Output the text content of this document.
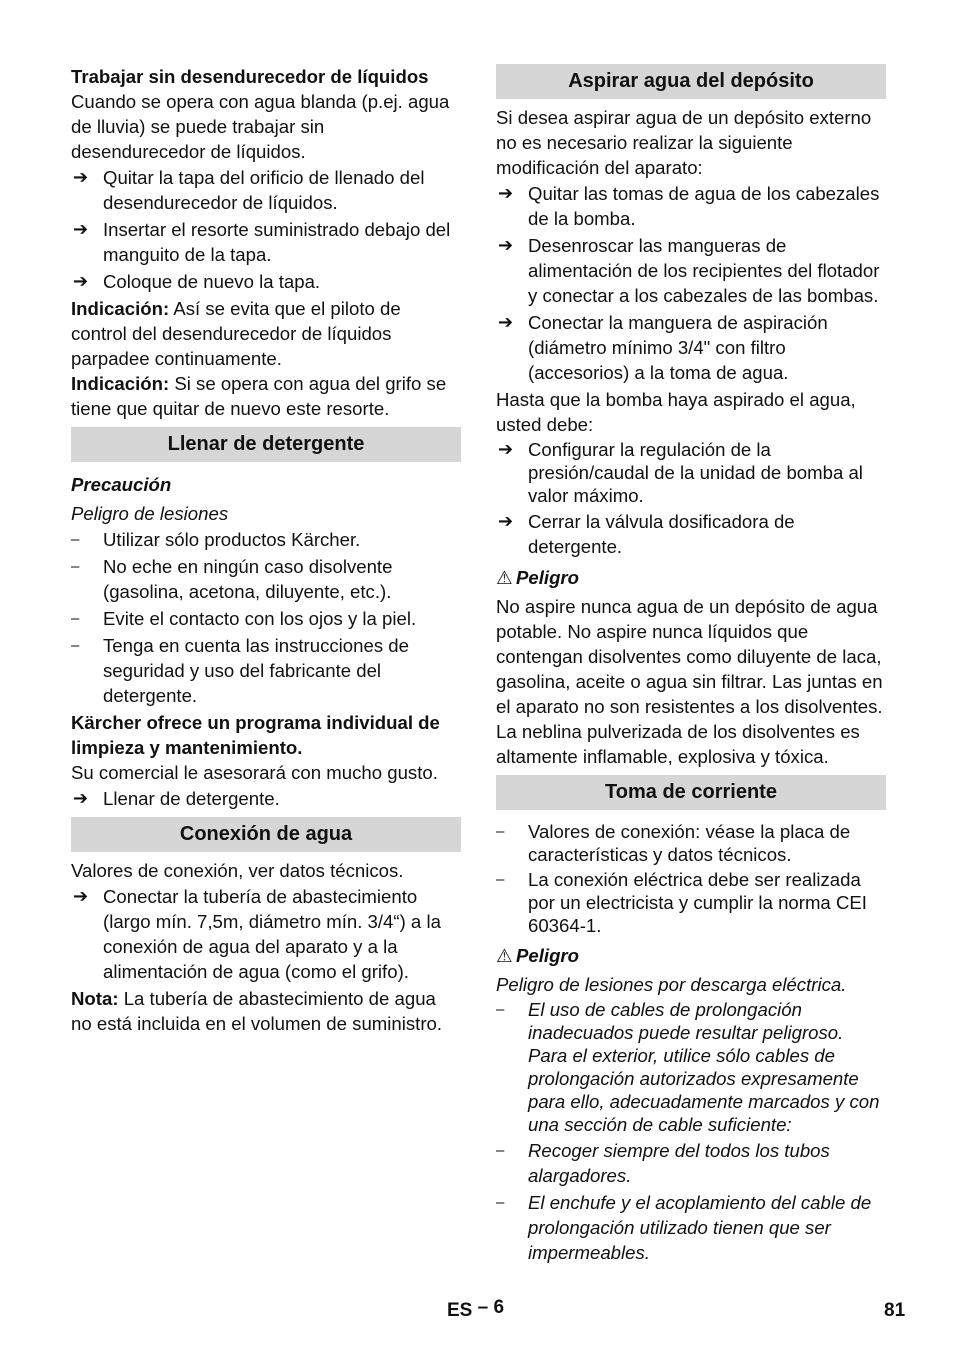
Trabajar sin desendurecedor de líquidos

Cuando se opera con agua blanda (p.ej. agua de lluvia) se puede trabajar sin desendurecedor de líquidos.

➔ Quitar la tapa del orificio de llenado del desendurecedor de líquidos.
➔ Insertar el resorte suministrado debajo del manguito de la tapa.
➔ Coloque de nuevo la tapa.

Indicación: Así se evita que el piloto de control del desendurecedor de líquidos parpadee continuamente.

Indicación: Si se opera con agua del grifo se tiene que quitar de nuevo este resorte.

Llenar de detergente

Precaución

Peligro de lesiones

– Utilizar sólo productos Kärcher.
– No eche en ningún caso disolvente (gasolina, acetona, diluyente, etc.).
– Evite el contacto con los ojos y la piel.
– Tenga en cuenta las instrucciones de seguridad y uso del fabricante del detergente.

Kärcher ofrece un programa individual de limpieza y mantenimiento.

Su comercial le asesorará con mucho gusto.

➔ Llenar de detergente.
Conexión de agua

Valores de conexión, ver datos técnicos.

➔ Conectar la tubería de abastecimiento (largo mín. 7,5m, diámetro mín. 3/4“) a la conexión de agua del aparato y a la alimentación de agua (como el grifo).

Nota: La tubería de abastecimiento de agua no está incluida en el volumen de suministro.

Aspirar agua del depósito

Si desea aspirar agua de un depósito externo no es necesario realizar la siguiente modificación del aparato:

➔ Quitar las tomas de agua de los cabezales de la bomba.
➔ Desenroscar las mangueras de alimentación de los recipientes del flotador y conectar a los cabezales de las bombas.
➔ Conectar la manguera de aspiración (diámetro mínimo 3/4" con filtro (accesorios) a la toma de agua.

Hasta que la bomba haya aspirado el agua, usted debe:

➔ Configurar la regulación de la presión/caudal de la unidad de bomba al valor máximo.
➔ Cerrar la válvula dosificadora de detergente.

⚠ Peligro

No aspire nunca agua de un depósito de agua potable. No aspire nunca líquidos que contengan disolventes como diluyente de laca, gasolina, aceite o agua sin filtrar. Las juntas en el aparato no son resistentes a los disolventes. La neblina pulverizada de los disolventes es altamente inflamable, explosiva y tóxica.

Toma de corriente
– Valores de conexión: véase la placa de características y datos técnicos.
– La conexión eléctrica debe ser realizada por un electricista y cumplir la norma CEI 60364-1.

⚠ Peligro

Peligro de lesiones por descarga eléctrica.

– El uso de cables de prolongación inadecuados puede resultar peligroso. Para el exterior, utilice sólo cables de prolongación autorizados expresamente para ello, adecuadamente marcados y con una sección de cable suficiente:
– Recoger siempre del todos los tubos alargadores.
– El enchufe y el acoplamiento del cable de prolongación utilizado tienen que ser impermeables.
ES – 6	81
